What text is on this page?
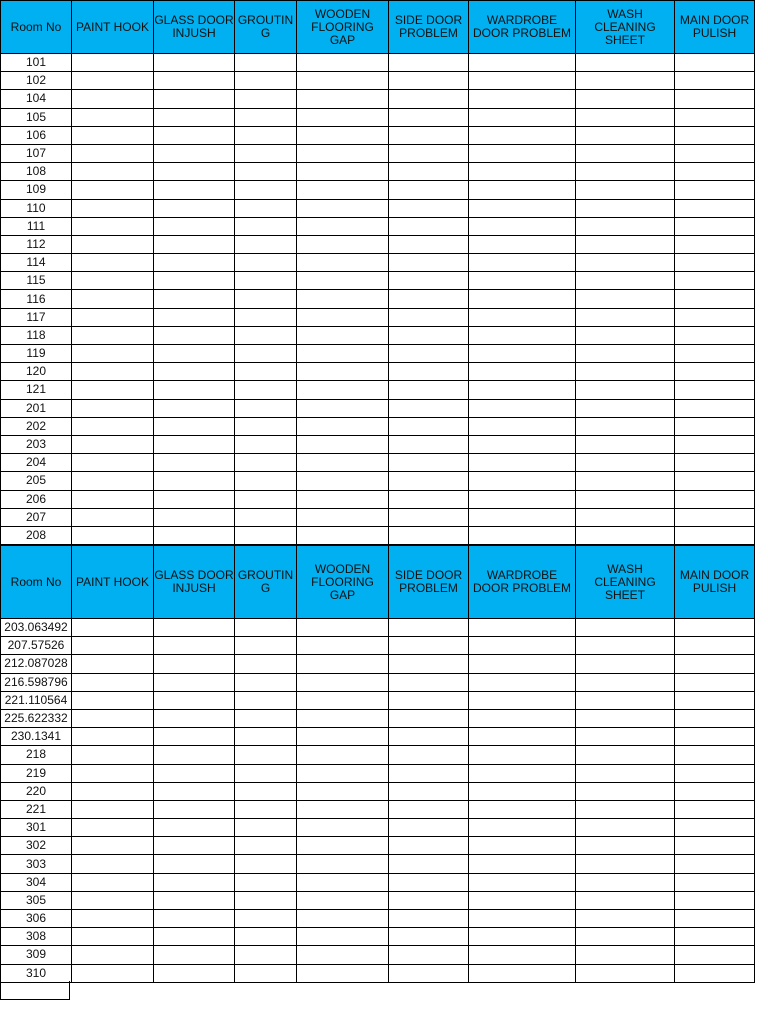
Room No	PAINT HOOK	GLASS DOOR INJUSH	GROUTIN G	WOODEN FLOORING GAP	SIDE DOOR PROBLEM	WARDROBE DOOR PROBLEM	WASH CLEANING SHEET	MAIN DOOR PULISH
101								
102								
104								
105								
106								
107								
108								
109								
110								
111								
112								
114								
115								
116								
117								
118								
119								
120								
121								
201								
202								
203								
204								
205								
206								
207								
208								
Room No	PAINT HOOK	GLASS DOOR INJUSH	GROUTIN G	WOODEN FLOORING GAP	SIDE DOOR PROBLEM	WARDROBE DOOR PROBLEM	WASH CLEANING SHEET	MAIN DOOR PULISH
203.063492								
207.57526								
212.087028								
216.598796								
221.110564								
225.622332								
230.1341								
218								
219								
220								
221								
301								
302								
303								
304								
305								
306								
308								
309								
310								
